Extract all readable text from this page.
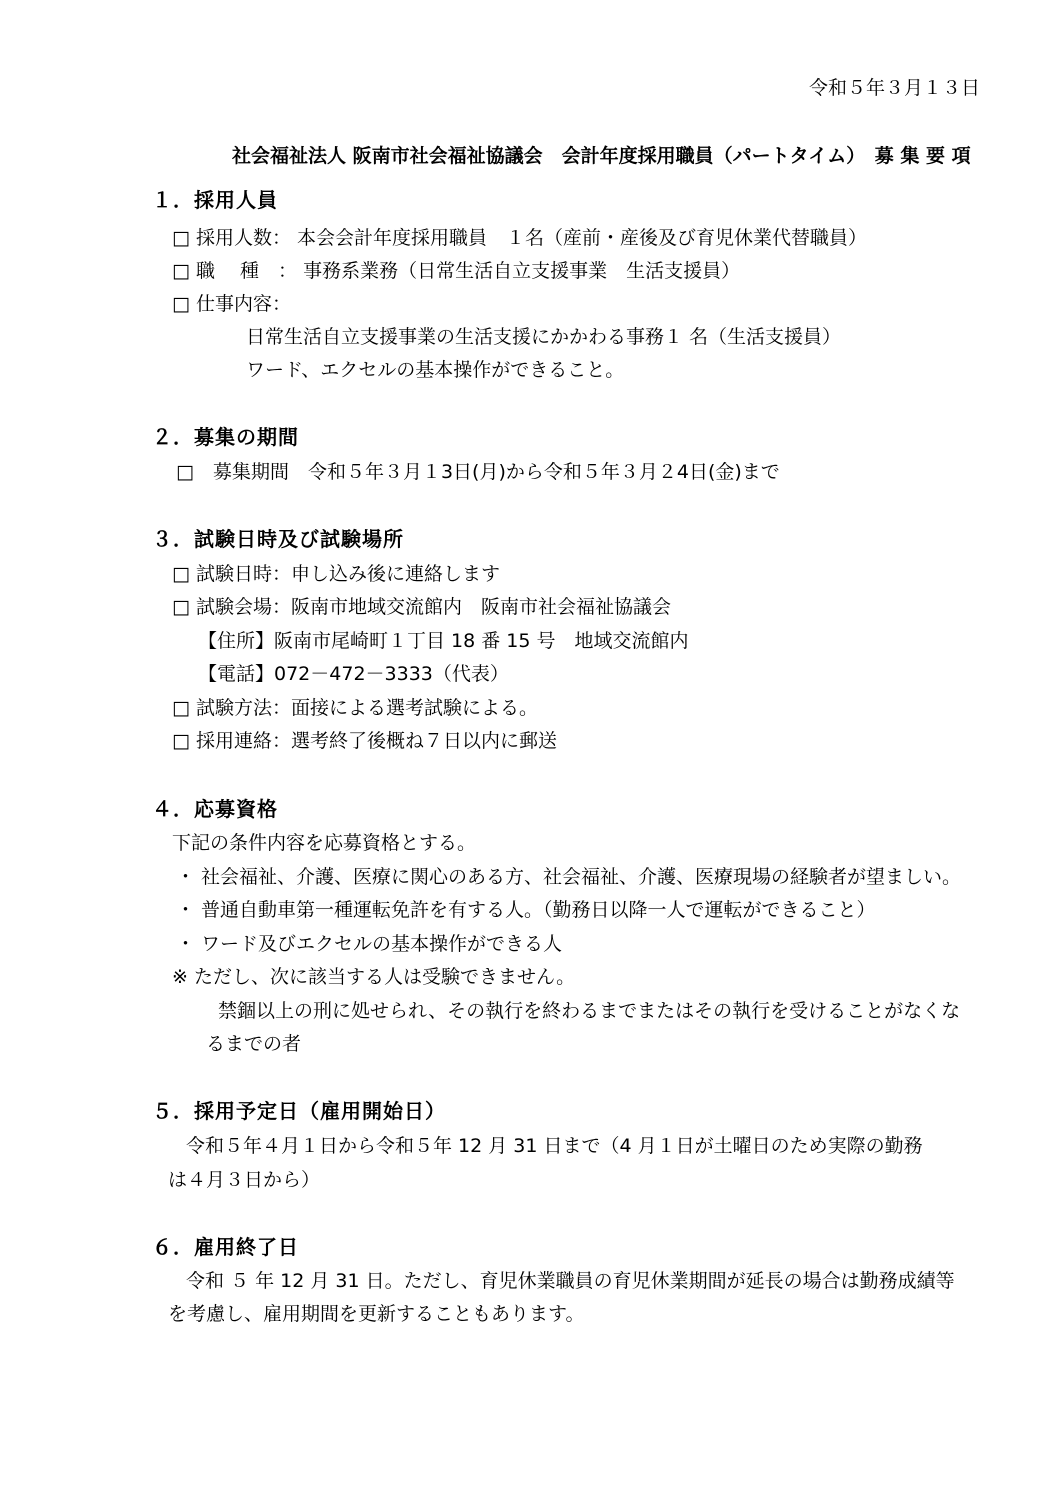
令和５年３月１３日
社会福祉法人 阪南市社会福祉協議会　会計年度採用職員（パートタイム）　募 集 要 項
１．採用人員
□ 採用人数： 本会会計年度採用職員　１名（産前・産後及び育児休業代替職員）
□ 職　 種　： 事務系業務（日常生活自立支援事業　生活支援員）
□ 仕事内容：
日常生活自立支援事業の生活支援にかかわる事務１ 名（生活支援員）
ワード、エクセルの基本操作ができること。
２．募集の期間
□　募集期間　令和５年３月１3日(月)から令和５年３月２4日(金)まで
３．試験日時及び試験場所
□ 試験日時：申し込み後に連絡します
□ 試験会場：阪南市地域交流館内　阪南市社会福祉協議会
【住所】阪南市尾崎町１丁目 18 番 15 号　地域交流館内
【電話】072－472－3333（代表）
□ 試験方法：面接による選考試験による。
□ 採用連絡：選考終了後概ね７日以内に郵送
４．応募資格
下記の条件内容を応募資格とする。
・ 社会福祉、介護、医療に関心のある方、社会福祉、介護、医療現場の経験者が望ましい。
・ 普通自動車第一種運転免許を有する人。（勤務日以降一人で運転ができること）
・ ワード及びエクセルの基本操作ができる人
※ ただし、次に該当する人は受験できません。
禁錮以上の刑に処せられ、その執行を終わるまでまたはその執行を受けることがなくな
るまでの者
５．採用予定日（雇用開始日）
令和５年４月１日から令和５年 12 月 31 日まで（4 月１日が土曜日のため実際の勤務
は４月３日から）
６．雇用終了日
令和 ５ 年 12 月 31 日。ただし、育児休業職員の育児休業期間が延長の場合は勤務成績等
を考慮し、雇用期間を更新することもあります。
